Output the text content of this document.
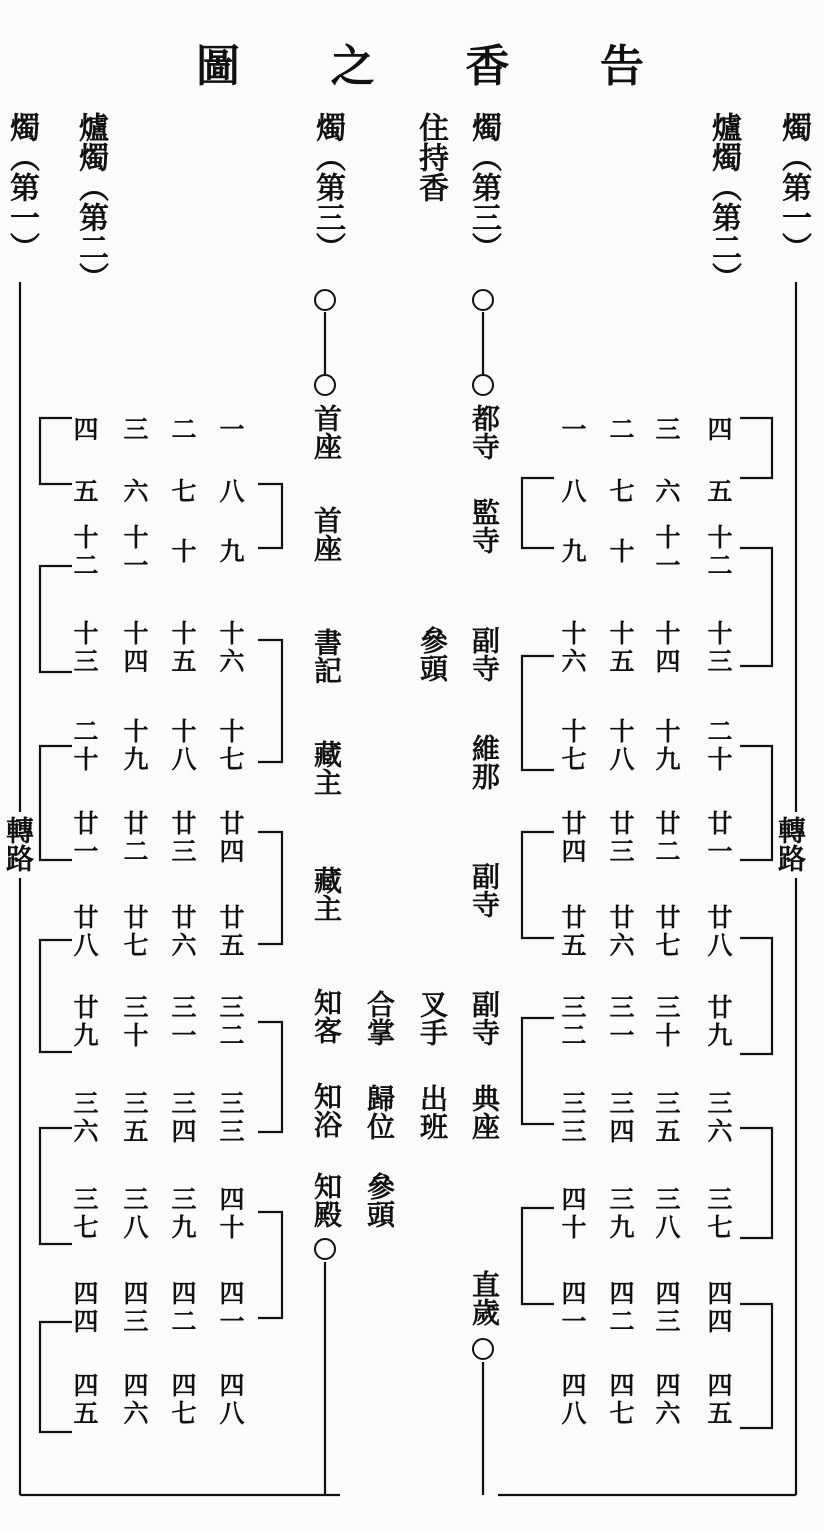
告
香
之
圖
燭（第一）
爐燭（第二）
燭（第三）
住持香
燭（第三）
爐燭（第二）
燭（第一）
轉路
轉路
都寺
監寺
副寺
維那
副寺
副寺
典座
直歲
首座
首座
書記
藏主
藏主
知客
知浴
知殿
參頭
叉手
出班
合掌
歸位
參頭
一
八
九
十
六
十
七
廿
四
廿
五
三
二
三
三
四
十
四
一
四
八
二
七
十
十
五
十
八
廿
三
廿
六
三
一
三
四
三
九
四
二
四
七
三
六
十
一
十
四
十
九
廿
二
廿
七
三
十
三
五
三
八
四
三
四
六
四
五
十
二
十
三
二
十
廿
一
廿
八
廿
九
三
六
三
七
四
四
四
五
一
八
九
十
六
十
七
廿
四
廿
五
三
二
三
三
四
十
四
一
四
八
二
七
十
十
五
十
八
廿
三
廿
六
三
一
三
四
三
九
四
二
四
七
三
六
十
一
十
四
十
九
廿
二
廿
七
三
十
三
五
三
八
四
三
四
六
四
五
十
二
十
三
二
十
廿
一
廿
八
廿
九
三
六
三
七
四
四
四
五
